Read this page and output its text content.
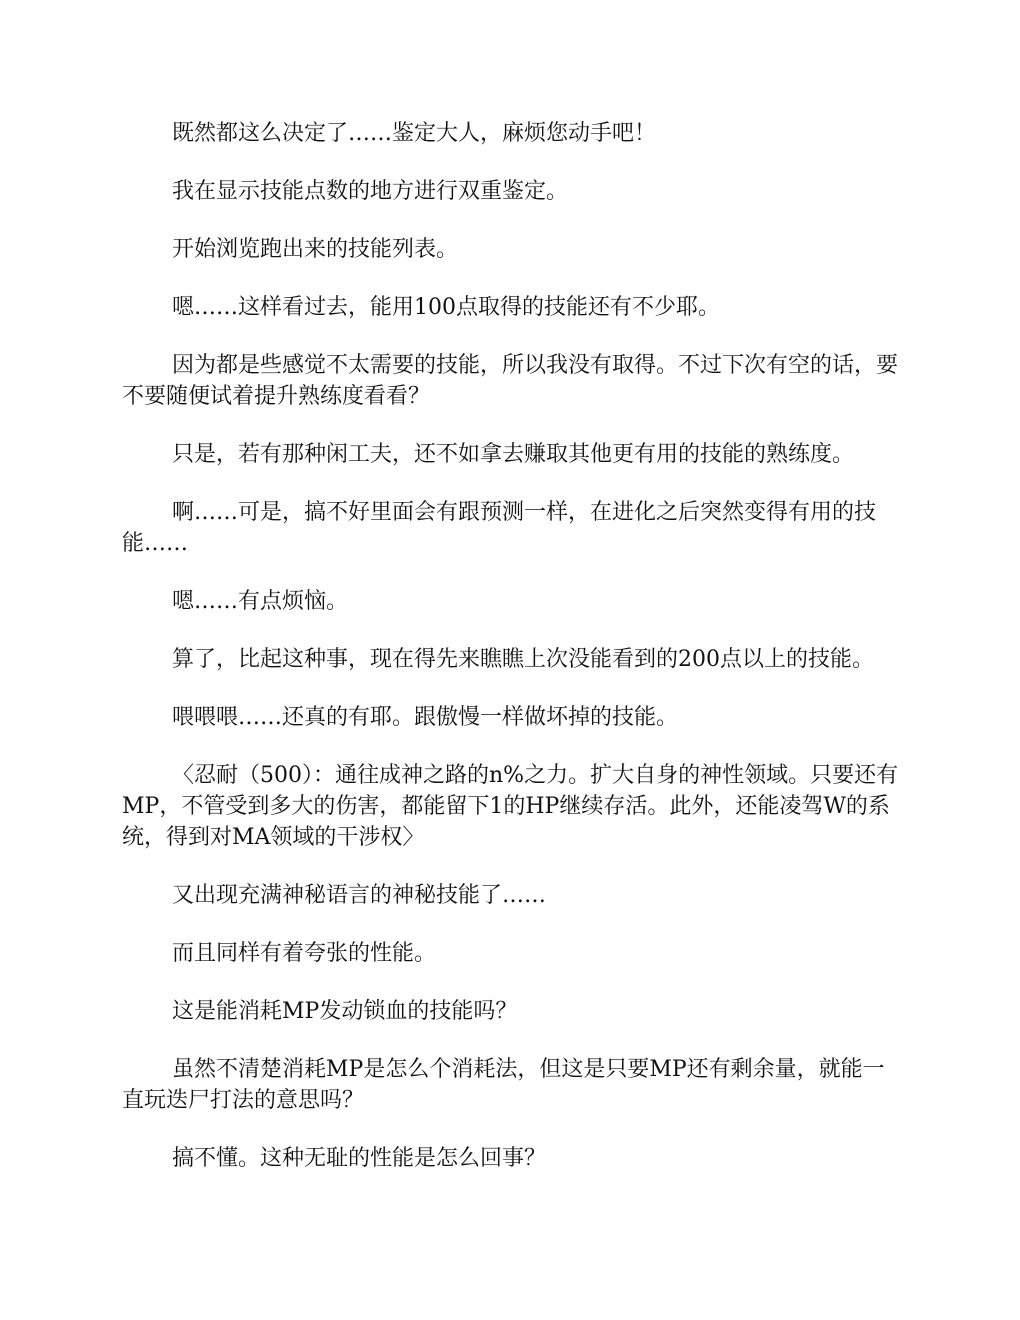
既然都这么决定了……鉴定大人，麻烦您动手吧！

我在显示技能点数的地方进行双重鉴定。

开始浏览跑出来的技能列表。

嗯……这样看过去，能用100点取得的技能还有不少耶。

因为都是些感觉不太需要的技能，所以我没有取得。不过下次有空的话，要不要随便试着提升熟练度看看？

只是，若有那种闲工夫，还不如拿去赚取其他更有用的技能的熟练度。

啊……可是，搞不好里面会有跟预测一样，在进化之后突然变得有用的技能……

嗯……有点烦恼。

算了，比起这种事，现在得先来瞧瞧上次没能看到的200点以上的技能。

喂喂喂……还真的有耶。跟傲慢一样做坏掉的技能。

〈忍耐（500）：通往成神之路的n%之力。扩大自身的神性领域。只要还有MP，不管受到多大的伤害，都能留下1的HP继续存活。此外，还能凌驾W的系统，得到对MA领域的干涉权〉

又出现充满神秘语言的神秘技能了……

而且同样有着夸张的性能。

这是能消耗MP发动锁血的技能吗？

虽然不清楚消耗MP是怎么个消耗法，但这是只要MP还有剩余量，就能一直玩迭尸打法的意思吗？

搞不懂。这种无耻的性能是怎么回事？
